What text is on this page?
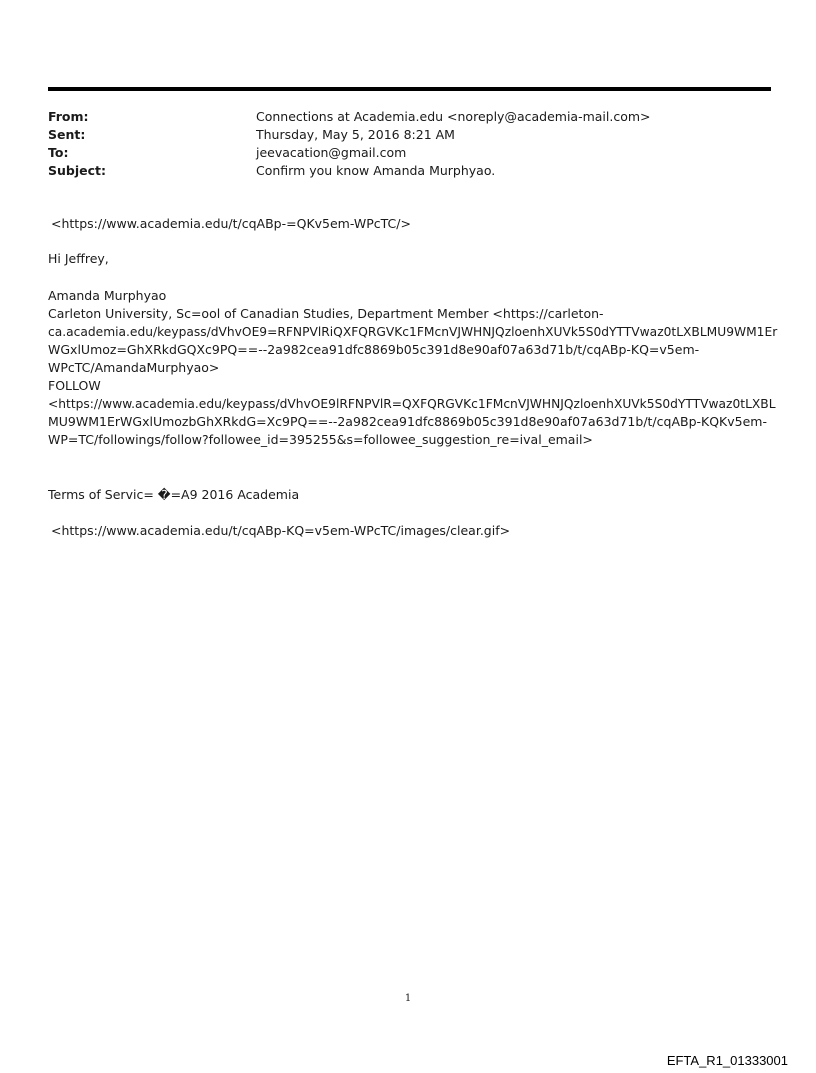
From:	Connections at Academia.edu <noreply@academia-mail.com>
Sent:	Thursday, May 5, 2016 8:21 AM
To:	jeevacation@gmail.com
Subject:	Confirm you know Amanda Murphyao.
<https://www.academia.edu/t/cqABp-=QKv5em-WPcTC/>
Hi Jeffrey,
Amanda Murphyao
Carleton University, Sc=ool of Canadian Studies, Department Member <https://carleton-
ca.academia.edu/keypass/dVhvOE9=RFNPVlRiQXFQRGVKc1FMcnVJWHNJQzloenhXUVk5S0dYTTVwaz0tLXBLMU9WM1Er
WGxlUmoz=GhXRkdGQXc9PQ==--2a982cea91dfc8869b05c391d8e90af07a63d71b/t/cqABp-KQ=v5em-
WPcTC/AmandaMurphyao>
FOLLOW
<https://www.academia.edu/keypass/dVhvOE9lRFNPVlR=QXFQRGVKc1FMcnVJWHNJQzloenhXUVk5S0dYTTVwaz0tLXBL
MU9WM1ErWGxlUmozbGhXRkdG=Xc9PQ==--2a982cea91dfc8869b05c391d8e90af07a63d71b/t/cqABp-KQKv5em-
WP=TC/followings/follow?followee_id=395255&s=followee_suggestion_re=ival_email>
Terms of Servic= �=A9 2016 Academia
<https://www.academia.edu/t/cqABp-KQ=v5em-WPcTC/images/clear.gif>
1
EFTA_R1_01333001
